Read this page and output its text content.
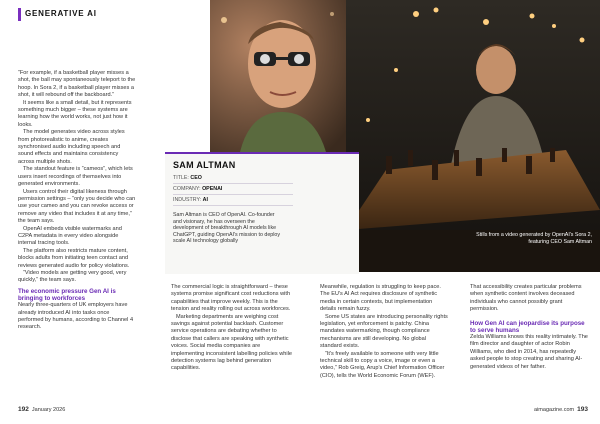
GENERATIVE AI

“For example, if a basketball player misses a shot, the ball may spontaneously teleport to the hoop. In Sora 2, if a basketball player misses a shot, it will rebound off the backboard.”

It seems like a small detail, but it represents something much bigger – these systems are learning how the world works, not just how it looks.

The model generates video across styles from photorealistic to anime, creates synchronised audio including speech and sound effects and maintains consistency across multiple shots.

The standout feature is “cameos”, which lets users insert recordings of themselves into generated environments.

Users control their digital likeness through permission settings – “only you decide who can use your cameo and you can revoke access or remove any video that includes it at any time,” the team says.

OpenAI embeds visible watermarks and C2PA metadata in every video alongside internal tracing tools.

The platform also restricts mature content, blocks adults from initiating teen contact and reviews generated audio for policy violations.

“Video models are getting very good, very quickly,” the team says.

The economic pressure Gen AI is bringing to workforces

Nearly three-quarters of UK employers have already introduced AI into tasks once performed by humans, according to Channel 4 research.

Stills from a video generated by OpenAI's Sora 2, featuring CEO Sam Altman
SAM ALTMAN
TITLE: CEO
COMPANY: OPENAI
INDUSTRY: AI
Sam Altman is CEO of OpenAI. Co-founder and visionary, he has overseen the development of breakthrough AI models like ChatGPT, guiding OpenAI's mission to deploy scale AI technology globally

The commercial logic is straightforward – these systems promise significant cost reductions with capabilities that improve weekly. This is the tension and reality rolling out across workforces.

Marketing departments are weighing cost savings against potential backlash. Customer service operations are debating whether to disclose that callers are speaking with synthetic voices. Social media companies are implementing inconsistent labelling policies while detection systems lag behind generation capabilities.

Meanwhile, regulation is struggling to keep pace. The EU's AI Act requires disclosure of synthetic media in certain contexts, but implementation details remain fuzzy.

Some US states are introducing personality rights legislation, yet enforcement is patchy. China mandates watermarking, though compliance mechanisms are still developing. No global standard exists.

“It's freely available to someone with very little technical skill to copy a voice, image or even a video,” Rob Greig, Arup's Chief Information Officer (CIO), tells the World Economic Forum (WEF).

That accessibility creates particular problems when synthetic content involves deceased individuals who cannot possibly grant permission.

How Gen AI can jeopardise its purpose to serve humans

Zelda Williams knows this reality intimately. The film director and daughter of actor Robin Williams, who died in 2014, has repeatedly asked people to stop creating and sharing AI-generated videos of her father.

192 January 2026	aimagazine.com 193
